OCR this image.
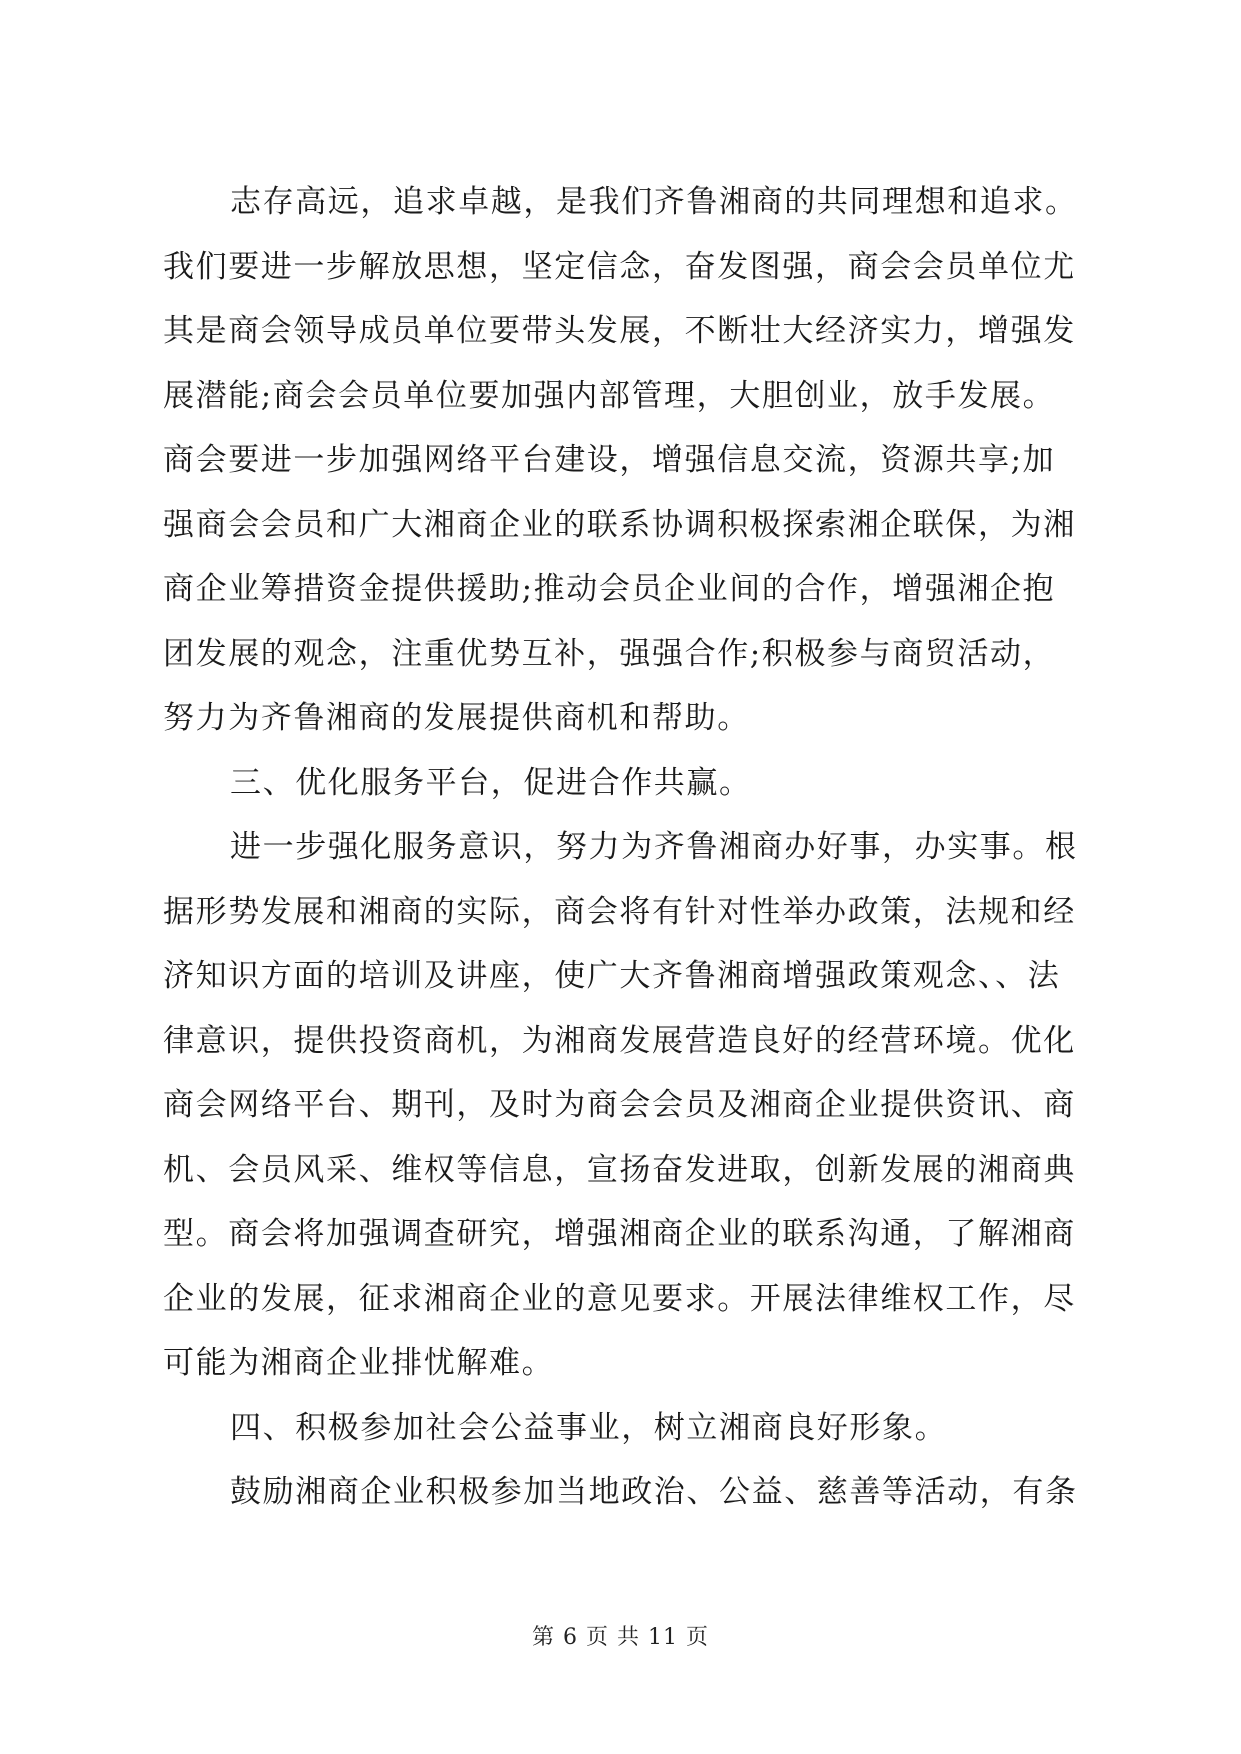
志存高远，追求卓越，是我们齐鲁湘商的共同理想和追求。
我们要进一步解放思想，坚定信念，奋发图强，商会会员单位尤
其是商会领导成员单位要带头发展，不断壮大经济实力，增强发
展潜能;商会会员单位要加强内部管理，大胆创业，放手发展。
商会要进一步加强网络平台建设，增强信息交流，资源共享;加
强商会会员和广大湘商企业的联系协调积极探索湘企联保，为湘
商企业筹措资金提供援助;推动会员企业间的合作，增强湘企抱
团发展的观念，注重优势互补，强强合作;积极参与商贸活动，
努力为齐鲁湘商的发展提供商机和帮助。
三、优化服务平台，促进合作共赢。
进一步强化服务意识，努力为齐鲁湘商办好事，办实事。根
据形势发展和湘商的实际，商会将有针对性举办政策，法规和经
济知识方面的培训及讲座，使广大齐鲁湘商增强政策观念、、法
律意识，提供投资商机，为湘商发展营造良好的经营环境。优化
商会网络平台、期刊，及时为商会会员及湘商企业提供资讯、商
机、会员风采、维权等信息，宣扬奋发进取，创新发展的湘商典
型。商会将加强调查研究，增强湘商企业的联系沟通，了解湘商
企业的发展，征求湘商企业的意见要求。开展法律维权工作，尽
可能为湘商企业排忧解难。
四、积极参加社会公益事业，树立湘商良好形象。
鼓励湘商企业积极参加当地政治、公益、慈善等活动，有条
第 6 页 共 11 页
